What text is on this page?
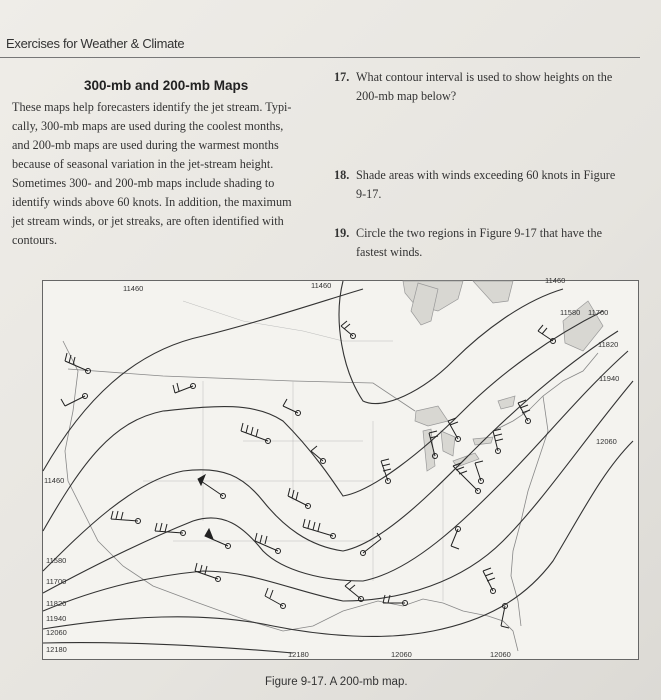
Exercises for Weather & Climate
300-mb and 200-mb Maps
These maps help forecasters identify the jet stream. Typi-
cally, 300-mb maps are used during the coolest months,
and 200-mb maps are used during the warmest months
because of seasonal variation in the jet-stream height.
Sometimes 300- and 200-mb maps include shading to
identify winds above 60 knots. In addition, the maximum
jet stream winds, or jet streaks, are often identified with
contours.
17. What contour interval is used to show heights on the
200-mb map below?
18. Shade areas with winds exceeding 60 knots in Figure
9-17.
19. Circle the two regions in Figure 9-17 that have the
fastest winds.
11460	11460
11460
11580 11700
11820
11940
12060
12180	12060	12060
11460
11580
11700
11820
11940
12060
12180
Figure 9-17. A 200-mb map.
